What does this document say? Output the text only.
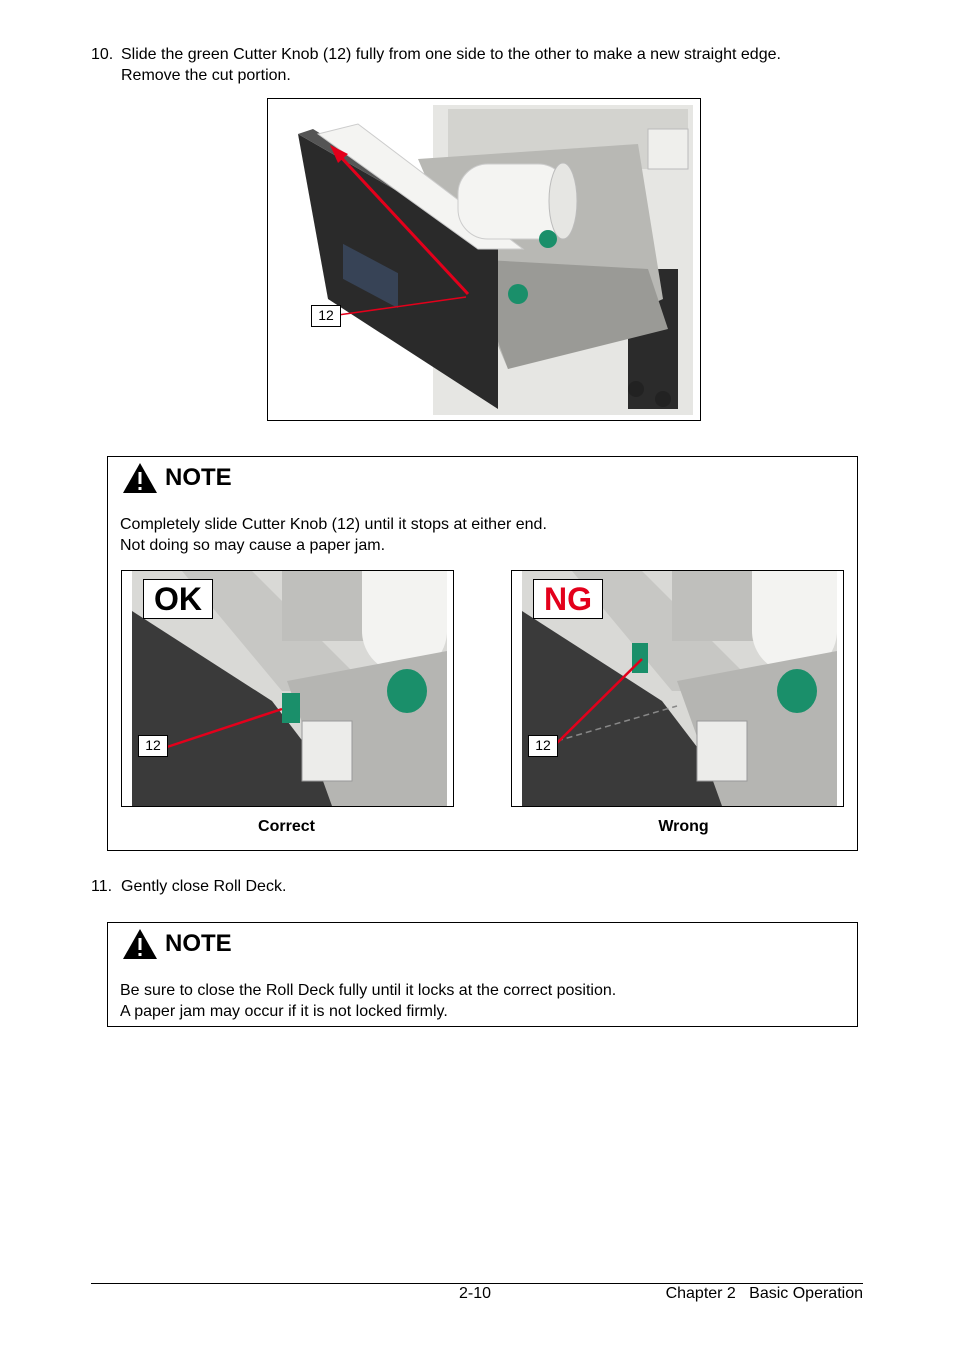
10. Slide the green Cutter Knob (12) fully from one side to the other to make a new straight edge.
Remove the cut portion.
12
NOTE
Completely slide Cutter Knob (12) until it stops at either end.
Not doing so may cause a paper jam.
OK
12
NG
12
Correct	Wrong
11. Gently close Roll Deck.
NOTE
Be sure to close the Roll Deck fully until it locks at the correct position.
A paper jam may occur if it is not locked firmly.
2-10	Chapter 2   Basic Operation
